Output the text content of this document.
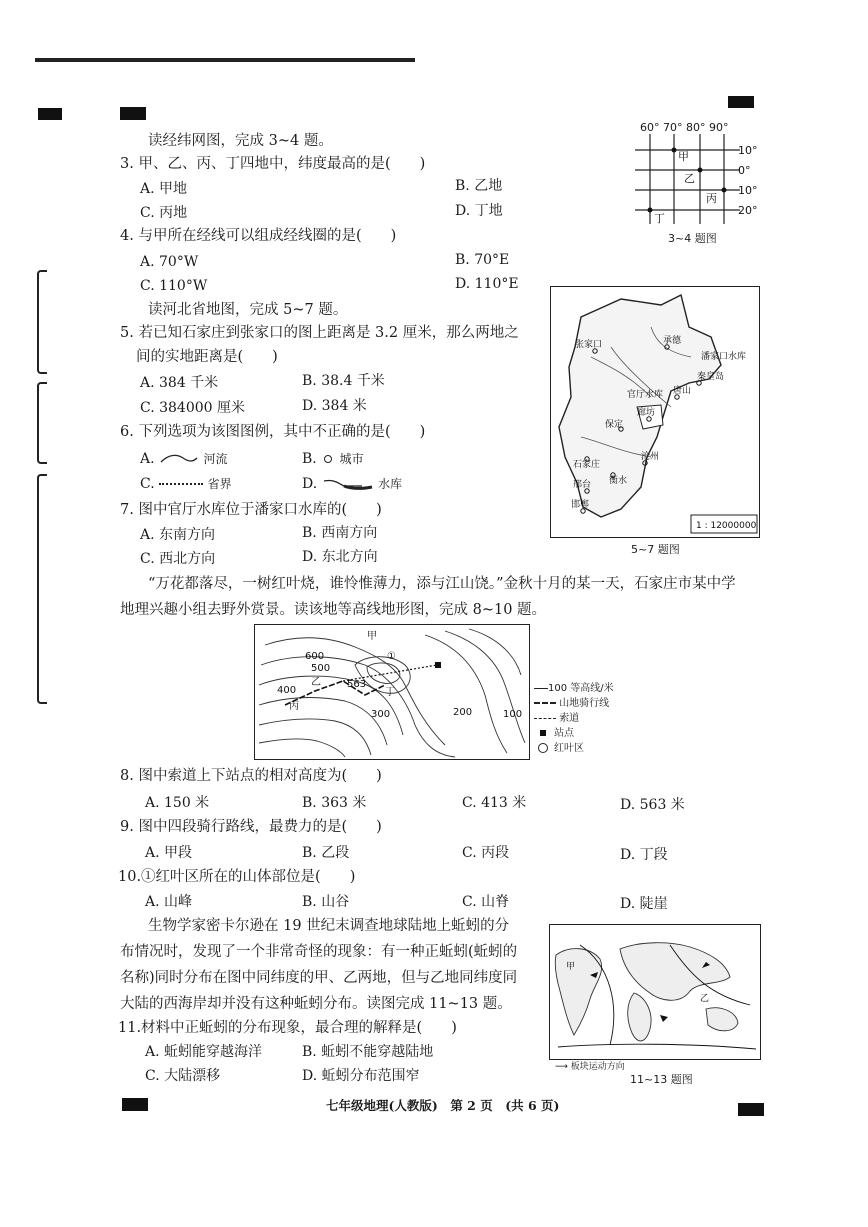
读经纬网图，完成 3~4 题。
3. 甲、乙、丙、丁四地中，纬度最高的是(　　)
A. 甲地	B. 乙地
C. 丙地	D. 丁地
4. 与甲所在经线可以组成经线圈的是(　　)
A. 70°W	B. 70°E
C. 110°W	D. 110°E
60° 70° 80° 90°
甲
乙
丙
丁
10°
0°
10°
20°
3~4 题图
读河北省地图，完成 5~7 题。
5. 若已知石家庄到张家口的图上距离是 3.2 厘米，那么两地之
间的实地距离是(　　)
A. 384 千米	B. 38.4 千米
C. 384000 厘米	D. 384 米
6. 下列选项为该图图例，其中不正确的是(　　)
A.	河流	B. 城市
C.	省界	D.	水库
7. 图中官厅水库位于潘家口水库的(　　)
A. 东南方向	B. 西南方向
C. 西北方向	D. 东北方向
张家口	承德
潘家口水库
秦皇岛
唐山
官厅水库
廊坊
保定
沧州
石家庄
衡水
邢台
邯郸
1 : 12000000
5~7 题图
“万花都落尽，一树红叶烧，谁怜惟薄力，添与江山饶。”金秋十月的某一天，石家庄市某中学
地理兴趣小组去野外赏景。读该地等高线地形图，完成 8~10 题。
600
500
400
300	200	100
563
甲
乙
丙
丁
①
100 等高线/米
山地骑行线
索道
站点
红叶区
8. 图中索道上下站点的相对高度为(　　)
A. 150 米	B. 363 米	C. 413 米	D. 563 米
9. 图中四段骑行路线，最费力的是(　　)
A. 甲段	B. 乙段	C. 丙段	D. 丁段
10.①红叶区所在的山体部位是(　　)
A. 山峰	B. 山谷	C. 山脊	D. 陡崖
生物学家密卡尔逊在 19 世纪末调查地球陆地上蚯蚓的分
布情况时，发现了一个非常奇怪的现象：有一种正蚯蚓(蚯蚓的
名称)同时分布在图中同纬度的甲、乙两地，但与乙地同纬度同
大陆的西海岸却并没有这种蚯蚓分布。读图完成 11~13 题。
11.材料中正蚯蚓的分布现象，最合理的解释是(　　)
A. 蚯蚓能穿越海洋	B. 蚯蚓不能穿越陆地
C. 大陆漂移	D. 蚯蚓分布范围窄
甲
乙
⟶ 板块运动方向
11~13 题图
七年级地理(人教版)　第 2 页　(共 6 页)
